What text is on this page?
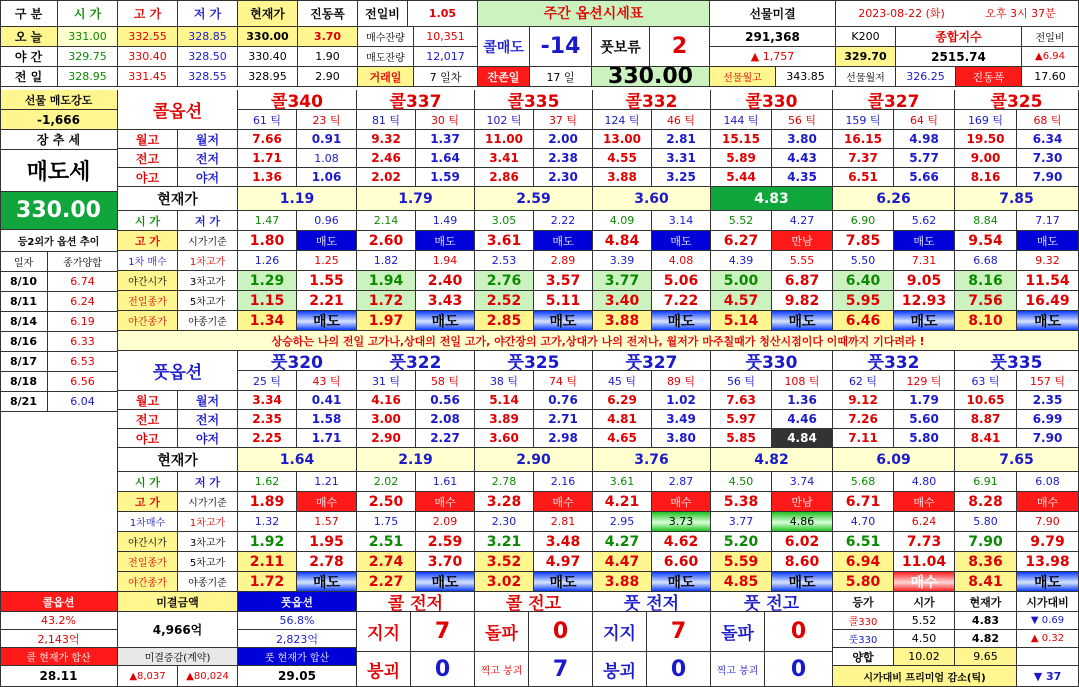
구 분	시 가	고 가	저 가	현재가	진동폭
오 늘	331.00	332.55	328.85	330.00	3.70
야 간	329.75	330.40	328.50	330.40	1.90
전 일	328.95	331.45	328.55	328.95	2.90
전일비	1.05
매수잔량	10,351
매도잔량	12,017
거래일	7 일차
주간 옵션시세표
콜매도 -14	풋보류	2
잔존일	17 일	330.00
선물미결
291,368
▲ 1,757
선물월고	343.85
2023-08-22 (화)	오후 3시 37분
K200	종합지수	전일비
329.70	2515.74	▲6.94
선물월저	326.25	진동폭	17.60
선물 매도강도
-1,666
장 추 세
매도세
330.00
등2외가 옵션 추이
일자	종가양합
8/10	6.74
8/11	6.24
8/14	6.19
8/16	6.33
8/17	6.53
8/18	6.56
8/21	6.04
콜옵션	콜340
61 틱	23 틱
콜337
81 틱	30 틱
콜335
102 틱	37 틱
콜332
124 틱	46 틱
콜330
144 틱	56 틱
콜327
159 틱	64 틱
콜325
169 틱	68 틱
월고	월저	7.66	0.91	9.32	1.37	11.00	2.00	13.00	2.81	15.15	3.80	16.15	4.98	19.50	6.34
전고	전저	1.71	1.08	2.46	1.64	3.41	2.38	4.55	3.31	5.89	4.43	7.37	5.77	9.00	7.30
야고	야저	1.36	1.06	2.02	1.59	2.86	2.30	3.88	3.25	5.44	4.35	6.51	5.66	8.16	7.90
현재가	1.19	1.79	2.59	3.60	4.83	6.26	7.85
시 가	저 가	1.47	0.96	2.14	1.49	3.05	2.22	4.09	3.14	5.52	4.27	6.90	5.62	8.84	7.17
고 가	시가기준	1.80	매도	2.60	매도	3.61	매도	4.84	매도	6.27	만남	7.85	매도	9.54	매도
1차 매수	1차고가	1.26	1.25	1.82	1.94	2.53	2.89	3.39	4.08	4.39	5.55	5.50	7.31	6.68	9.32
야간시가	3차고가	1.29	1.55	1.94	2.40	2.76	3.57	3.77	5.06	5.00	6.87	6.40	9.05	8.16	11.54
전일종가	5차고가	1.15	2.21	1.72	3.43	2.52	5.11	3.40	7.22	4.57	9.82	5.95	12.93	7.56	16.49
야간종가	야종기준	1.34	매도	1.97	매도	2.85	매도	3.88	매도	5.14	매도	6.46	매도	8.10	매도
상승하는 나의 전일 고가나,상대의 전일 고가, 야간장의 고가,상대가 나의 전저나, 월저가 마주칠때가 청산시점이다 이때까지 기다려라 !
풋옵션	풋320
25 틱	43 틱
풋322
31 틱	58 틱
풋325
38 틱	74 틱
풋327
45 틱	89 틱
풋330
56 틱	108 틱
풋332
62 틱	129 틱
풋335
63 틱	157 틱
월고	월저	3.34	0.41	4.16	0.56	5.14	0.76	6.29	1.02	7.63	1.36	9.12	1.79	10.65	2.35
전고	전저	2.35	1.58	3.00	2.08	3.89	2.71	4.81	3.49	5.97	4.46	7.26	5.60	8.87	6.99
야고	야저	2.25	1.71	2.90	2.27	3.60	2.98	4.65	3.80	5.85	4.84	7.11	5.80	8.41	7.90
현재가	1.64	2.19	2.90	3.76	4.82	6.09	7.65
시 가	저 가	1.62	1.21	2.02	1.61	2.78	2.16	3.61	2.87	4.50	3.74	5.68	4.80	6.91	6.08
고 가	시가기준	1.89	매수	2.50	매수	3.28	매수	4.21	매수	5.38	만남	6.71	매수	8.28	매수
1차매수	1차고가	1.32	1.57	1.75	2.09	2.30	2.81	2.95	3.73	3.77	4.86	4.70	6.24	5.80	7.90
야간시가	3차고가	1.92	1.95	2.51	2.59	3.21	3.48	4.27	4.62	5.20	6.02	6.51	7.73	7.90	9.79
전일종가	5차고가	2.11	2.78	2.74	3.70	3.52	4.97	4.47	6.60	5.59	8.60	6.94	11.04	8.36	13.98
야간종가	야종기준	1.72	매도	2.27	매도	3.02	매도	3.88	매도	4.85	매도	5.80	매수	8.41	매도
콜옵션
43.2%
2,143억
콜 현재가 합산
28.11
미결금액
4,966억
미결증감(계약)
▲8,037	▲80,024
풋옵션
56.8%
2,823억
풋 현재가 합산
29.05
콜 전저
지지	7
붕괴	0
콜 전고
돌파	0
찍고 붕괴	7
풋 전저
지지	7
붕괴	0
풋 전고
돌파	0
찍고 붕괴	0
등가	시가	현재가	시가대비
콜330	5.52	4.83	▼ 0.69
풋330	4.50	4.82	▲ 0.32
양합	10.02	9.65
시가대비 프리미엄 감소(틱)	▼ 37
